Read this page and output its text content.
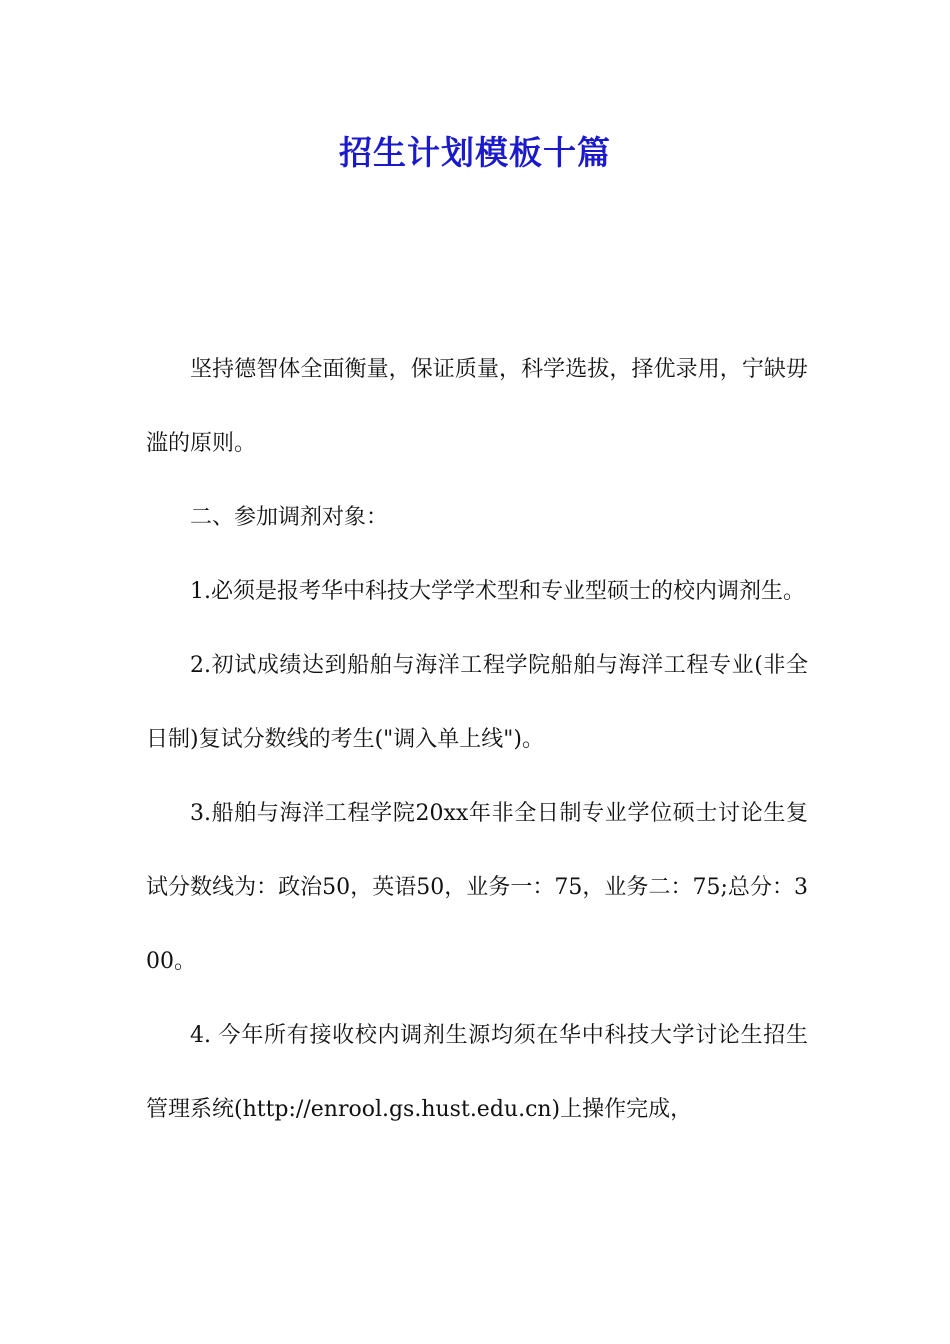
招生计划模板十篇

坚持德智体全面衡量，保证质量，科学选拔，择优录用，宁缺毋滥的原则。

二、参加调剂对象：

1.必须是报考华中科技大学学术型和专业型硕士的校内调剂生。

2.初试成绩达到船舶与海洋工程学院船舶与海洋工程专业(非全日制)复试分数线的考生("调入单上线")。

3.船舶与海洋工程学院20xx年非全日制专业学位硕士讨论生复试分数线为：政治50，英语50，业务一：75，业务二：75;总分：300。

4. 今年所有接收校内调剂生源均须在华中科技大学讨论生招生管理系统(http://enrool.gs.hust.edu.cn)上操作完成，
